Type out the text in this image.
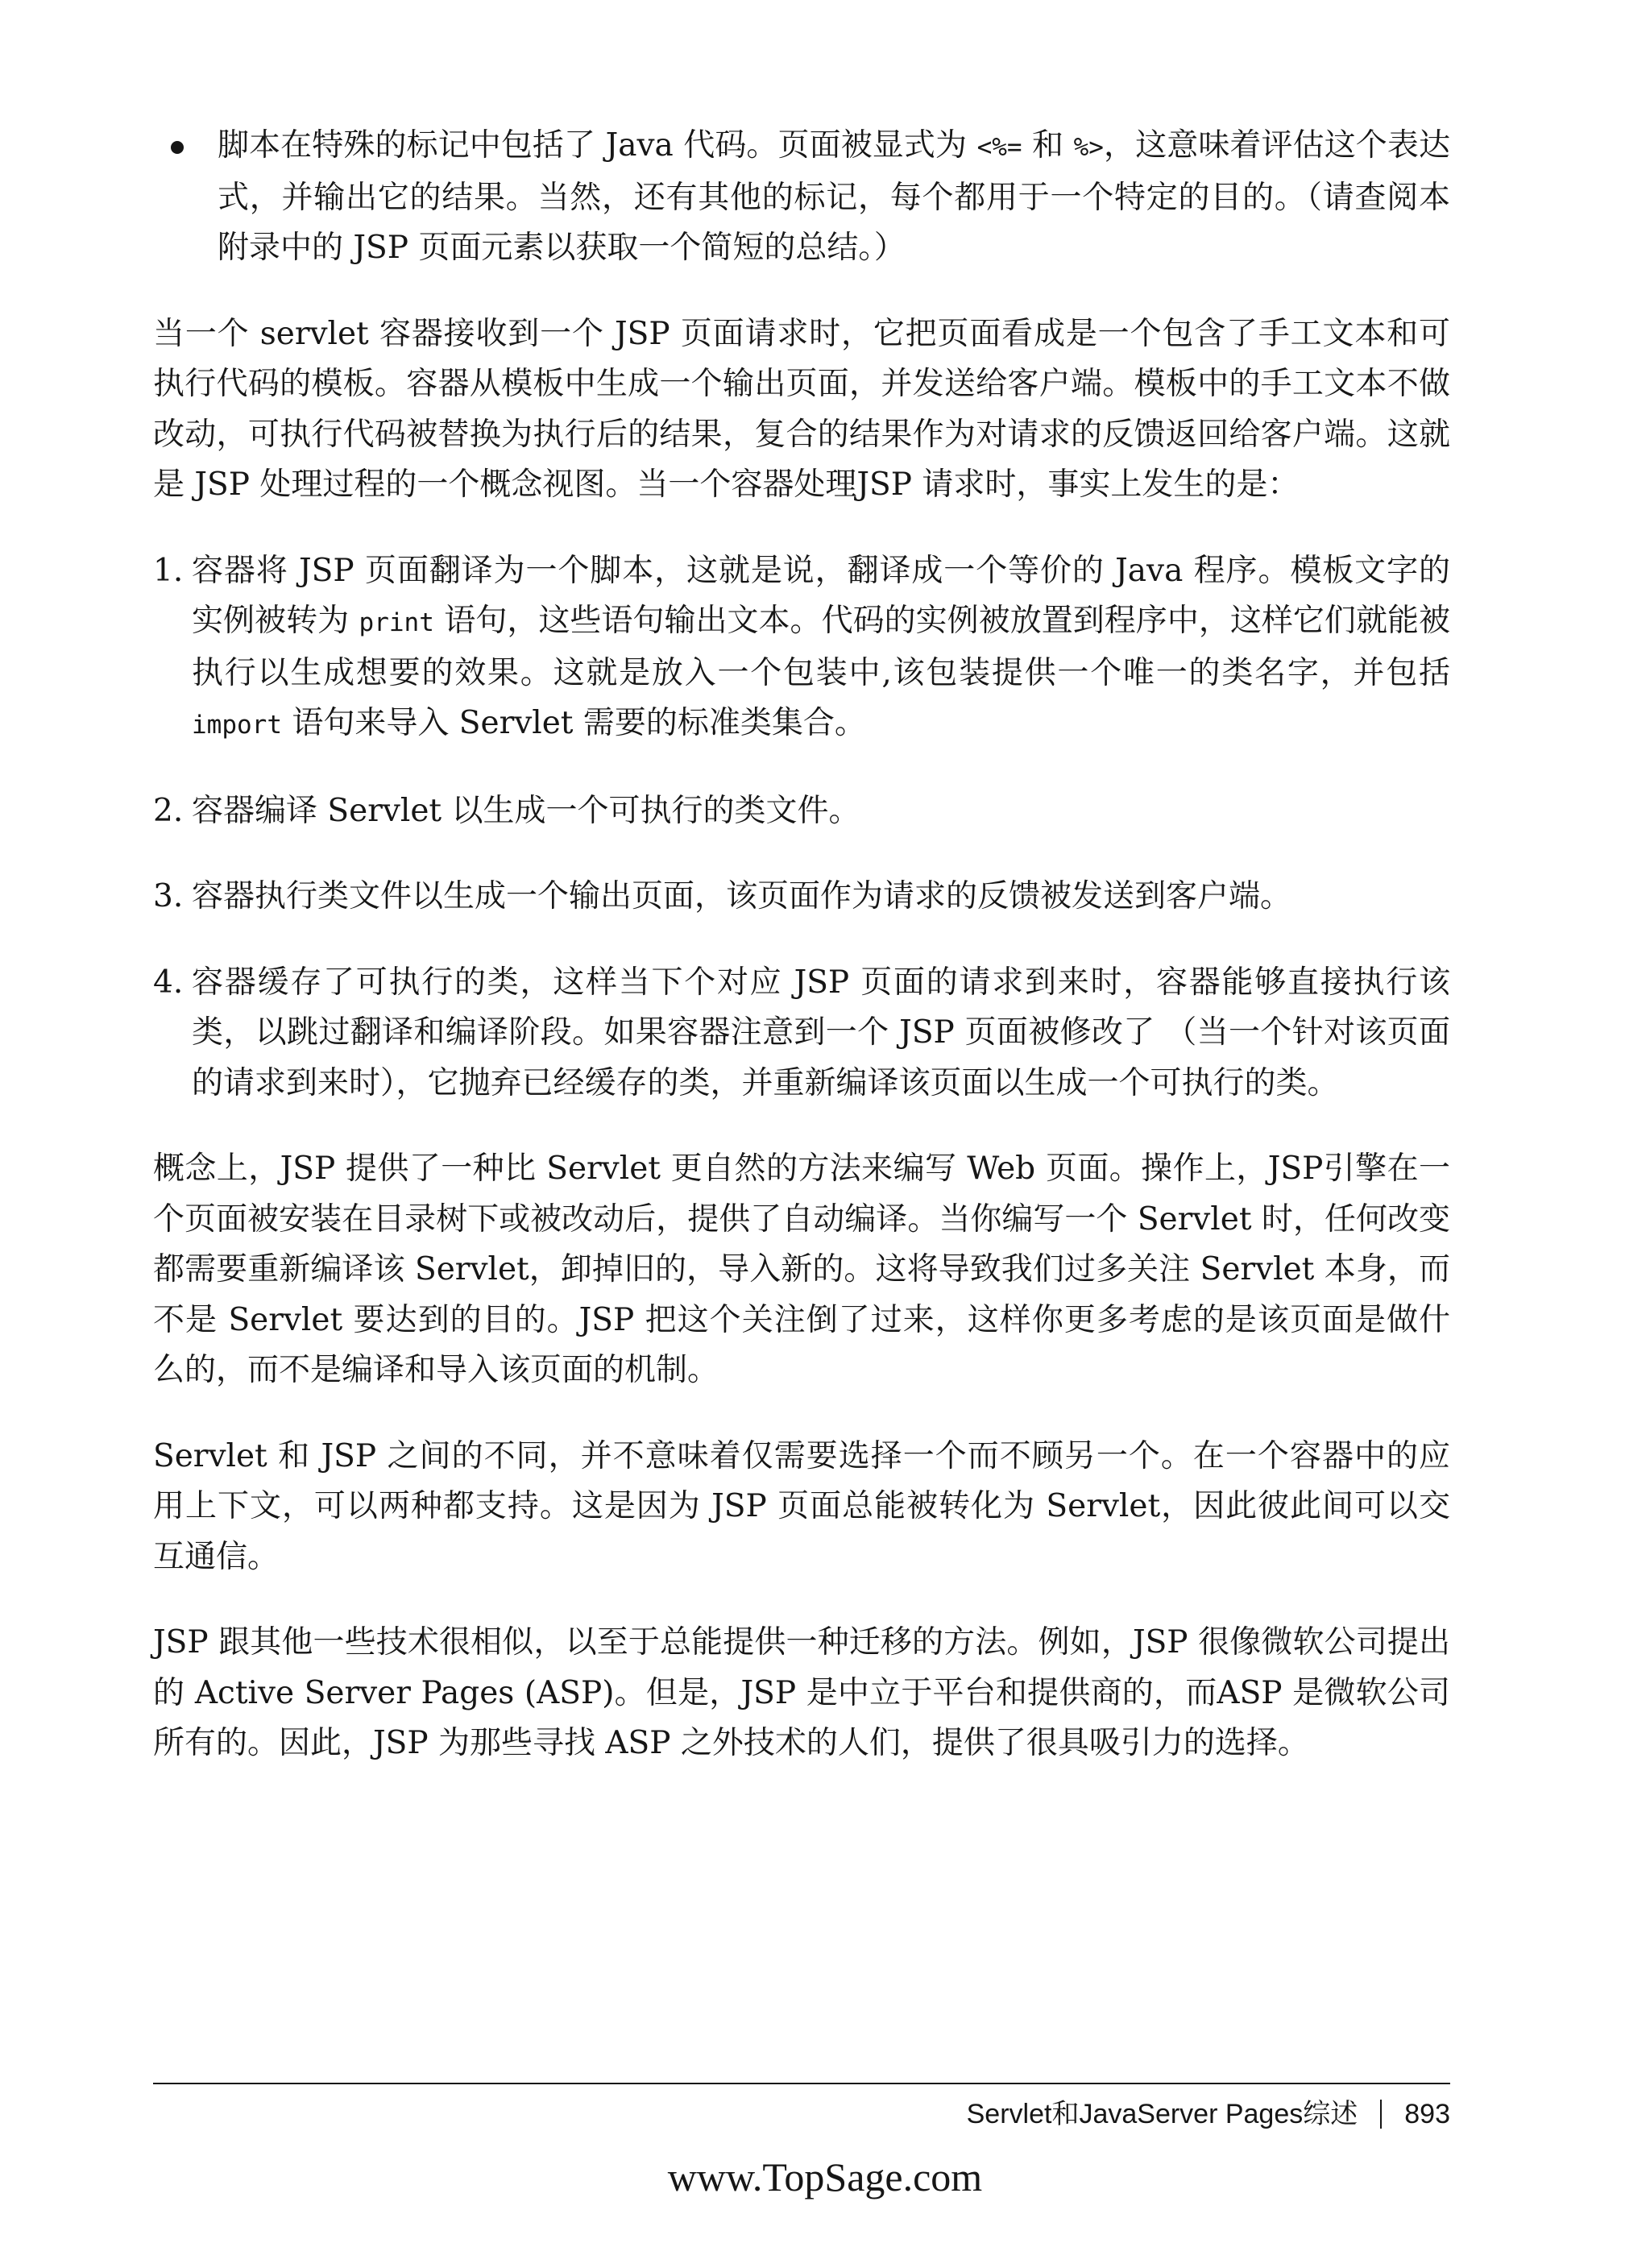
脚本在特殊的标记中包括了 Java 代码。页面被显式为 <%= 和 %>，这意味着评估这个表达式，并输出它的结果。当然，还有其他的标记，每个都用于一个特定的目的。（请查阅本附录中的 JSP 页面元素以获取一个简短的总结。）

当一个 servlet 容器接收到一个 JSP 页面请求时，它把页面看成是一个包含了手工文本和可执行代码的模板。容器从模板中生成一个输出页面，并发送给客户端。模板中的手工文本不做改动，可执行代码被替换为执行后的结果，复合的结果作为对请求的反馈返回给客户端。这就是 JSP 处理过程的一个概念视图。当一个容器处理JSP 请求时，事实上发生的是：

1. 容器将 JSP 页面翻译为一个脚本，这就是说，翻译成一个等价的 Java 程序。模板文字的实例被转为 print 语句，这些语句输出文本。代码的实例被放置到程序中，这样它们就能被执行以生成想要的效果。这就是放入一个包装中,该包装提供一个唯一的类名字，并包括 import 语句来导入 Servlet 需要的标准类集合。
2. 容器编译 Servlet 以生成一个可执行的类文件。
3. 容器执行类文件以生成一个输出页面，该页面作为请求的反馈被发送到客户端。
4. 容器缓存了可执行的类，这样当下个对应 JSP 页面的请求到来时，容器能够直接执行该类，以跳过翻译和编译阶段。如果容器注意到一个 JSP 页面被修改了 （当一个针对该页面的请求到来时），它抛弃已经缓存的类，并重新编译该页面以生成一个可执行的类。

概念上，JSP 提供了一种比 Servlet 更自然的方法来编写 Web 页面。操作上，JSP引擎在一个页面被安装在目录树下或被改动后，提供了自动编译。当你编写一个 Servlet 时，任何改变都需要重新编译该 Servlet，卸掉旧的，导入新的。这将导致我们过多关注 Servlet 本身，而不是 Servlet 要达到的目的。JSP 把这个关注倒了过来，这样你更多考虑的是该页面是做什么的，而不是编译和导入该页面的机制。

Servlet 和 JSP 之间的不同，并不意味着仅需要选择一个而不顾另一个。在一个容器中的应用上下文，可以两种都支持。这是因为 JSP 页面总能被转化为 Servlet，因此彼此间可以交互通信。

JSP 跟其他一些技术很相似，以至于总能提供一种迁移的方法。例如，JSP 很像微软公司提出的 Active Server Pages (ASP)。但是，JSP 是中立于平台和提供商的，而ASP 是微软公司所有的。因此，JSP 为那些寻找 ASP 之外技术的人们，提供了很具吸引力的选择。

Servlet和JavaServer Pages综述 893
www.TopSage.com
